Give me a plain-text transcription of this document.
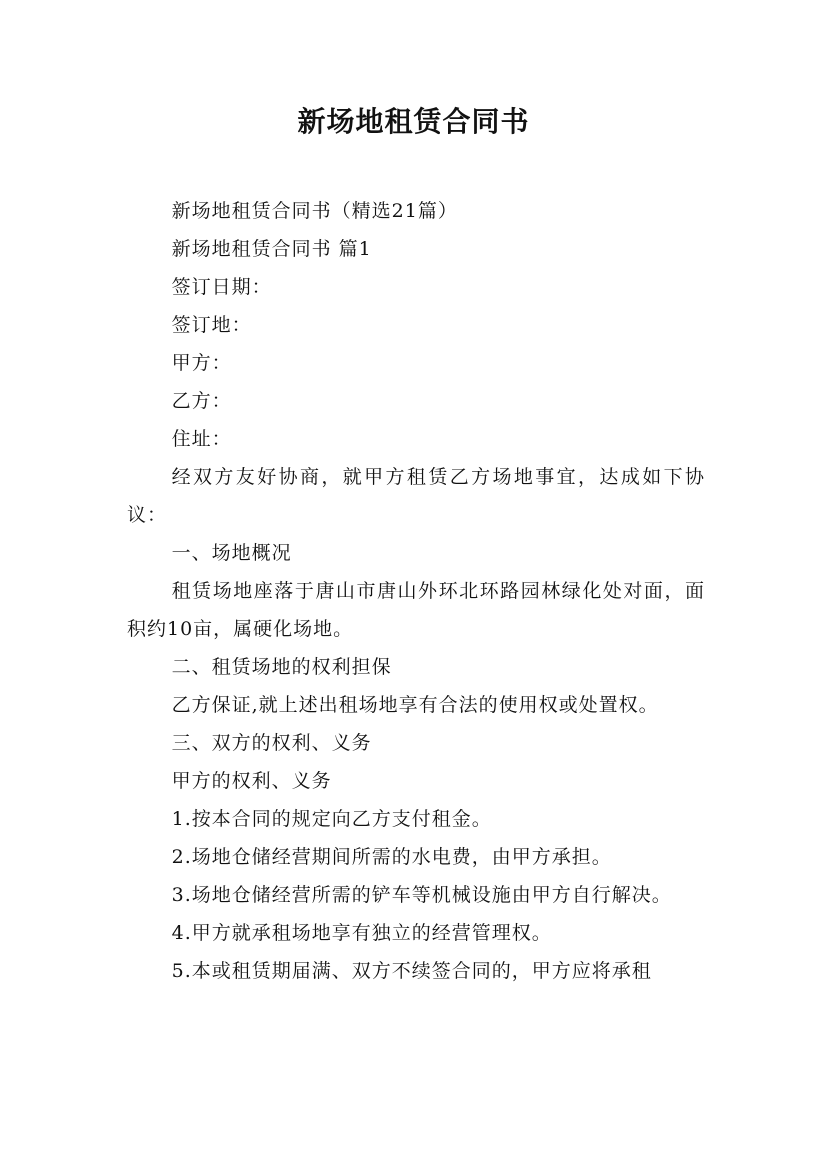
新场地租赁合同书

新场地租赁合同书（精选21篇）

新场地租赁合同书 篇1

签订日期：

签订地：

甲方：

乙方：

住址：

经双方友好协商，就甲方租赁乙方场地事宜，达成如下协议：

一、场地概况

租赁场地座落于唐山市唐山外环北环路园林绿化处对面，面积约10亩，属硬化场地。

二、租赁场地的权利担保

乙方保证,就上述出租场地享有合法的使用权或处置权。

三、双方的权利、义务

甲方的权利、义务

1.按本合同的规定向乙方支付租金。

2.场地仓储经营期间所需的水电费，由甲方承担。

3.场地仓储经营所需的铲车等机械设施由甲方自行解决。

4.甲方就承租场地享有独立的经营管理权。

5.本或租赁期届满、双方不续签合同的，甲方应将承租
